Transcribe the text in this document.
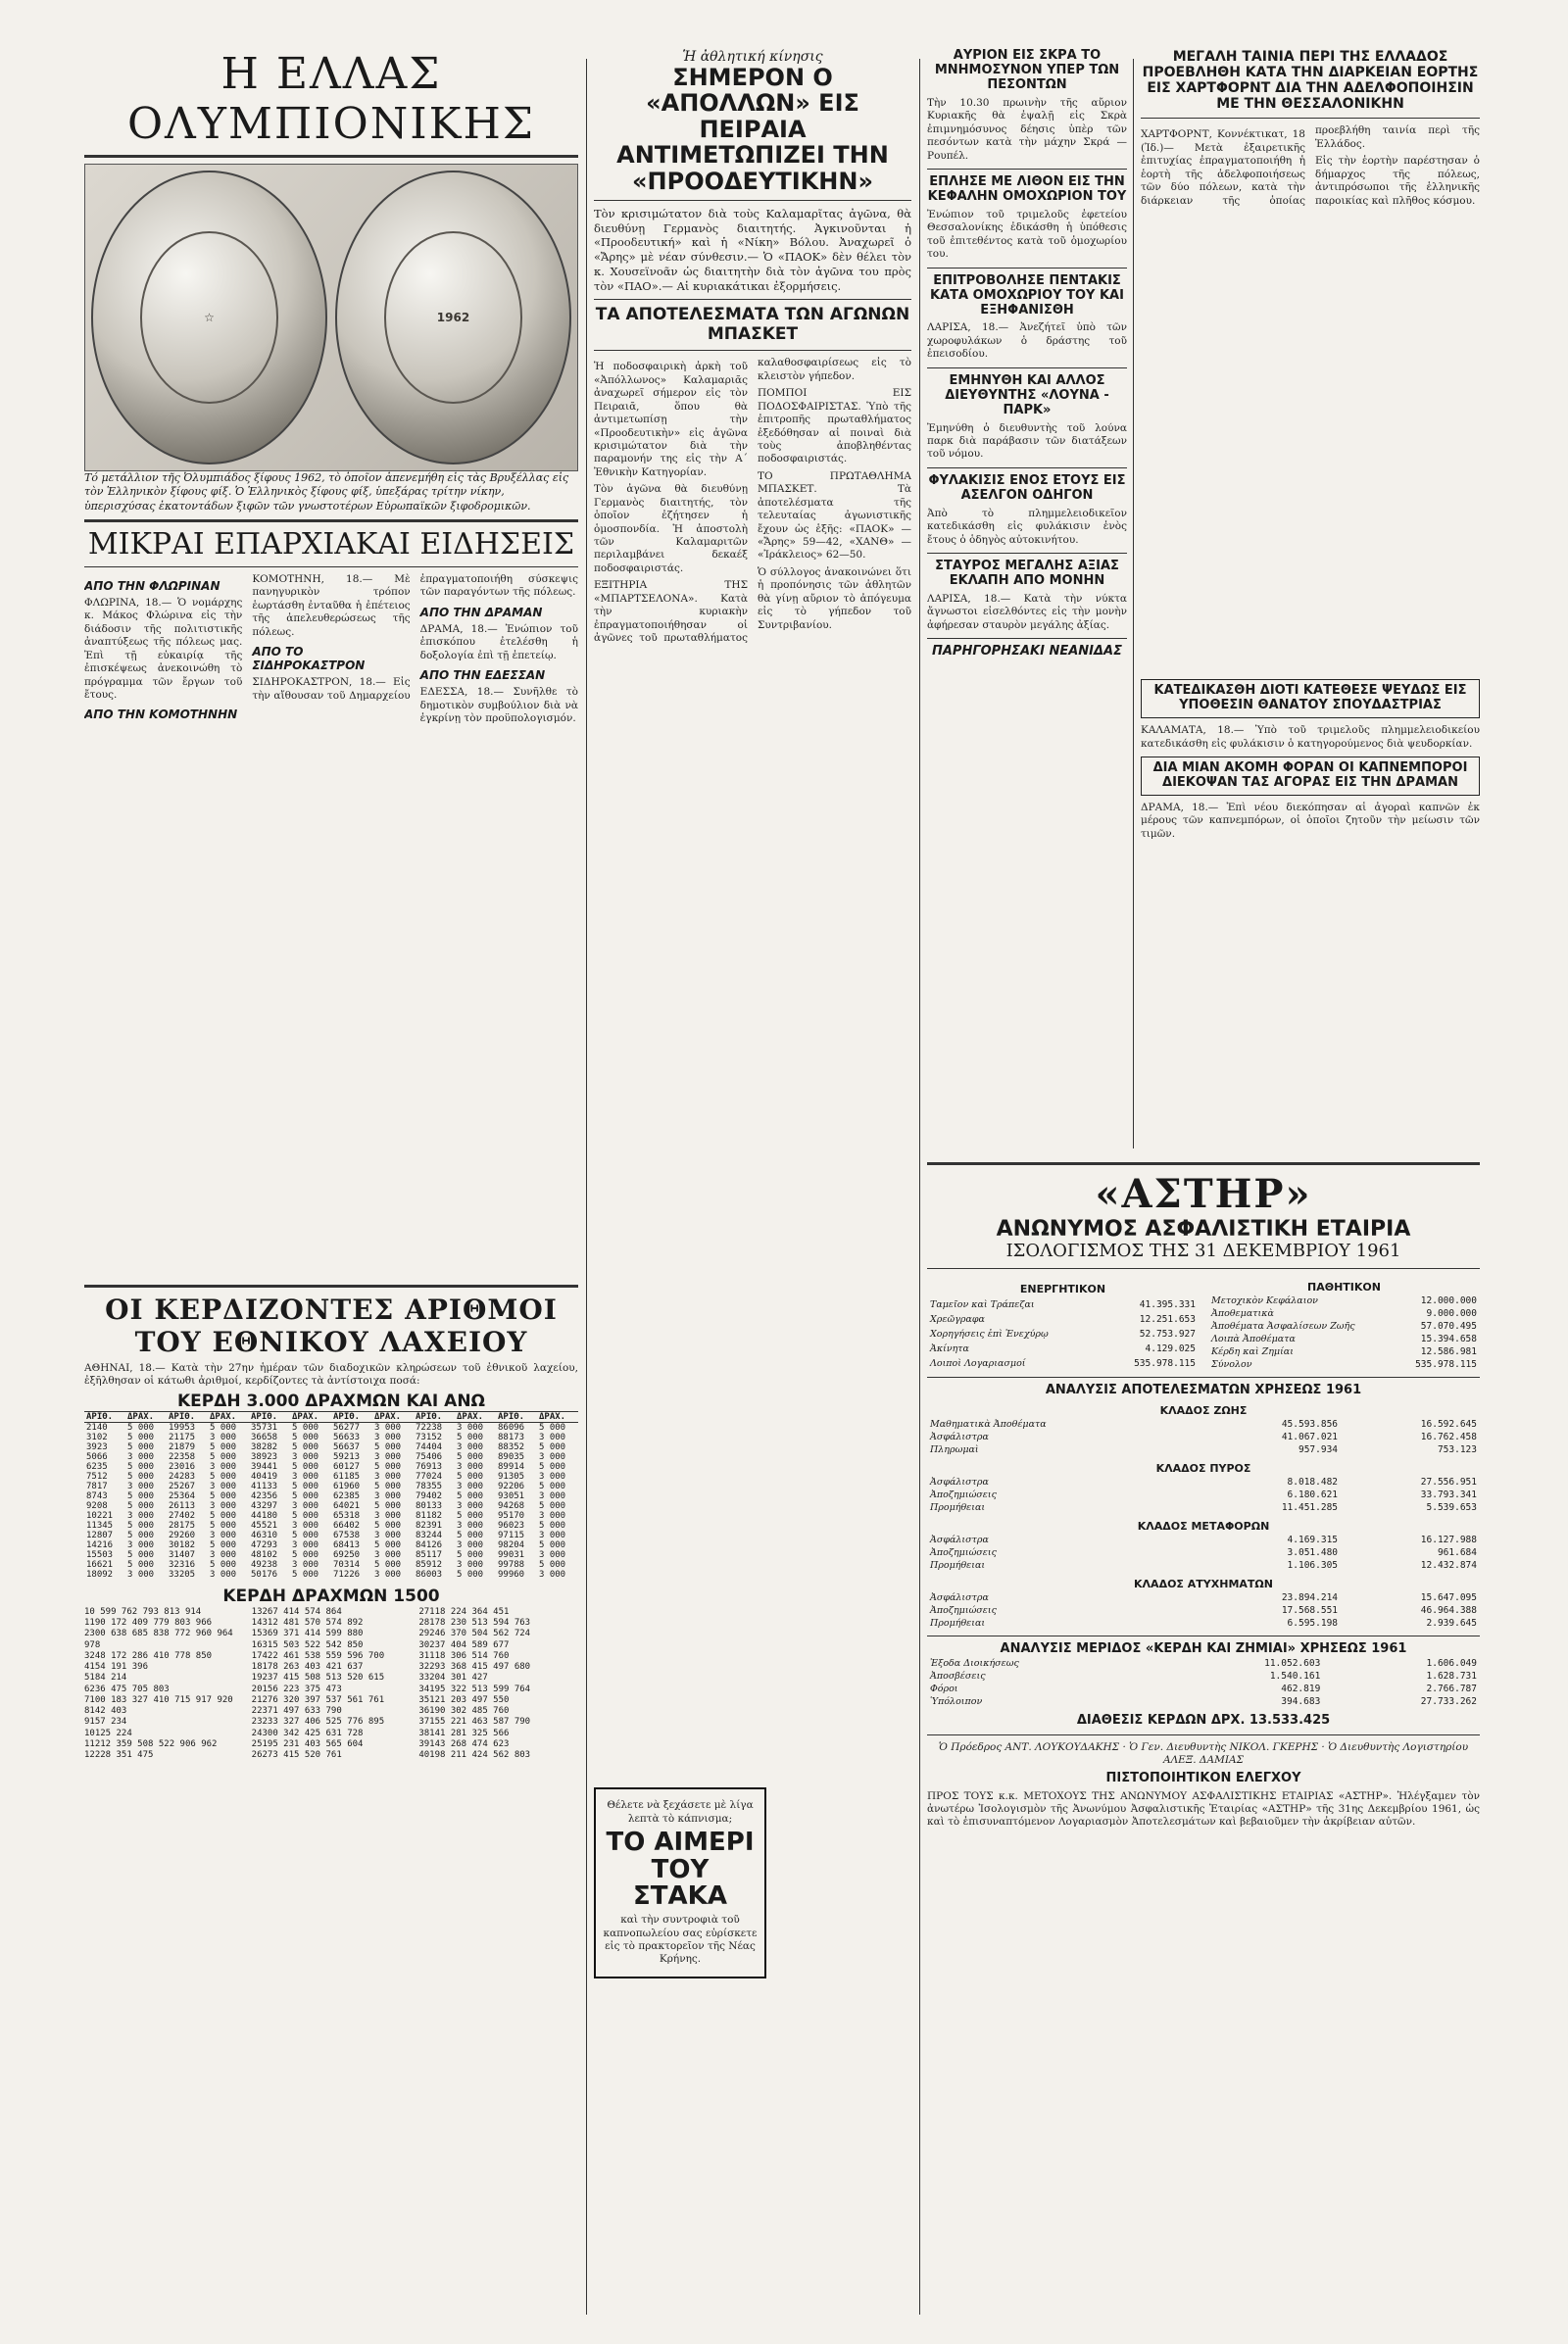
Η ΕΛΛΑΣ ΟΛΥΜΠΙΟΝΙΚΗΣ
☆	1962
Τό μετάλλιον τῆς Ὀλυμπιάδος ξίφους 1962, τὸ ὁποῖον ἀπενεμήθη εἰς τὰς Βρυξέλλας εἰς τὸν Ἑλληνικὸν ξίφους φίξ. Ὁ Ἑλληνικὸς ξίφους φίξ, ὑπεξάρας τρίτην νίκην, ὑπερισχύσας ἑκατοντάδων ξιφῶν τῶν γνωστοτέρων Εὐρωπαϊκῶν ξιφοδρομικῶν.
ΜΙΚΡΑΙ ΕΠΑΡΧΙΑΚΑΙ ΕΙΔΗΣΕΙΣ
ΑΠΟ ΤΗΝ ΦΛΩΡΙΝΑΝ

ΦΛΩΡΙΝΑ, 18.— Ὁ νομάρχης κ. Μάκος Φλώρινα εἰς τὴν διάδοσιν τῆς πολιτιστικῆς ἀναπτύξεως τῆς πόλεως μας. Ἐπὶ τῇ εὐκαιρίᾳ τῆς ἐπισκέψεως ἀνεκοινώθη τὸ πρόγραμμα τῶν ἔργων τοῦ ἔτους.

ΑΠΟ ΤΗΝ ΚΟΜΟΤΗΝΗΝ

ΚΟΜΟΤΗΝΗ, 18.— Μὲ πανηγυρικὸν τρόπον ἑωρτάσθη ἐνταῦθα ἡ ἐπέτειος τῆς ἀπελευθερώσεως τῆς πόλεως.

ΑΠΟ ΤΟ ΣΙΔΗΡΟΚΑΣΤΡΟΝ

ΣΙΔΗΡΟΚΑΣΤΡΟΝ, 18.— Εἰς τὴν αἴθουσαν τοῦ Δημαρχείου ἐπραγματοποιήθη σύσκεψις τῶν παραγόντων τῆς πόλεως.

ΑΠΟ ΤΗΝ ΔΡΑΜΑΝ

ΔΡΑΜΑ, 18.— Ἐνώπιον τοῦ ἐπισκόπου ἐτελέσθη ἡ δοξολογία ἐπὶ τῇ ἐπετείῳ.

ΑΠΟ ΤΗΝ ΕΔΕΣΣΑΝ

ΕΔΕΣΣΑ, 18.— Συνῆλθε τὸ δημοτικὸν συμβούλιον διὰ νὰ ἐγκρίνῃ τὸν προϋπολογισμόν.

ΟΙ ΚΕΡΔΙΖΟΝΤΕΣ ΑΡΙΘΜΟΙ ΤΟΥ ΕΘΝΙΚΟΥ ΛΑΧΕΙΟΥ

ΑΘΗΝΑΙ, 18.— Κατὰ τὴν 27ην ἡμέραν τῶν διαδοχικῶν κληρώσεων τοῦ ἐθνικοῦ λαχείου, ἐξῆλθησαν οἱ κάτωθι ἀριθμοί, κερδίζοντες τὰ ἀντίστοιχα ποσά:

ΚΕΡΔΗ 3.000 ΔΡΑΧΜΩΝ ΚΑΙ ΑΝΩ
ΑΡΙΘ.	ΔΡΑΧ.	ΑΡΙΘ.	ΔΡΑΧ.	ΑΡΙΘ.	ΔΡΑΧ.	ΑΡΙΘ.	ΔΡΑΧ.	ΑΡΙΘ.	ΔΡΑΧ.	ΑΡΙΘ.	ΔΡΑΧ.
2140	5 000	19953	5 000	35731	5 000	56277	3 000	72238	3 000	86096	5 000
3102	5 000	21175	3 000	36658	5 000	56633	3 000	73152	5 000	88173	3 000
3923	5 000	21879	5 000	38282	5 000	56637	5 000	74404	3 000	88352	5 000
5066	3 000	22358	5 000	38923	3 000	59213	3 000	75406	5 000	89035	3 000
6235	5 000	23016	3 000	39441	5 000	60127	5 000	76913	3 000	89914	5 000
7512	5 000	24283	5 000	40419	3 000	61185	3 000	77024	5 000	91305	3 000
7817	3 000	25267	3 000	41133	5 000	61960	5 000	78355	3 000	92206	5 000
8743	5 000	25364	5 000	42356	5 000	62385	3 000	79402	5 000	93051	3 000
9208	5 000	26113	3 000	43297	3 000	64021	5 000	80133	3 000	94268	5 000
10221	3 000	27402	5 000	44180	5 000	65318	3 000	81182	5 000	95170	3 000
11345	5 000	28175	5 000	45521	3 000	66402	5 000	82391	3 000	96023	5 000
12807	5 000	29260	3 000	46310	5 000	67538	3 000	83244	5 000	97115	3 000
14216	3 000	30182	5 000	47293	3 000	68413	5 000	84126	3 000	98204	5 000
15503	5 000	31407	3 000	48102	5 000	69250	3 000	85117	5 000	99031	3 000
16621	5 000	32316	5 000	49238	3 000	70314	5 000	85912	3 000	99788	5 000
18092	3 000	33205	3 000	50176	5 000	71226	3 000	86003	5 000	99960	3 000
ΚΕΡΔΗ ΔΡΑΧΜΩΝ 1500
10 599 762 793 813 914
1190 172 409 779 803 966
2300 638 685 838 772 960 964 978
3248 172 286 410 778 850
4154 191 396
5184 214
6236 475 705 803
7100 183 327 410 715 917 920
8142 403
9157 234
10125 224
11212 359 508 522 906 962
12228 351 475
13267 414 574 864
14312 481 570 574 892
15369 371 414 599 880
16315 503 522 542 850
17422 461 538 559 596 700
18178 263 403 421 637
19237 415 508 513 520 615
20156 223 375 473
21276 320 397 537 561 761
22371 497 633 790
23233 327 406 525 776 895
24300 342 425 631 728
25195 231 403 565 604
26273 415 520 761
27118 224 364 451
28178 230 513 594 763
29246 370 504 562 724
30237 404 589 677
31118 306 514 760
32293 368 415 497 680
33204 301 427
34195 322 513 599 764
35121 203 497 550
36190 302 485 760
37155 221 463 587 790
38141 281 325 566
39143 268 474 623
40198 211 424 562 803
Ἡ ἀθλητική κίνησις
ΣΗΜΕΡΟΝ Ο «ΑΠΟΛΛΩΝ» ΕΙΣ ΠΕΙΡΑΙΑ ΑΝΤΙΜΕΤΩΠΙΖΕΙ ΤΗΝ «ΠΡΟΟΔΕΥΤΙΚΗΝ»

Τὸν κρισιμώτατον διὰ τοὺς Καλαμαρῖτας ἀγῶνα, θὰ διευθύνῃ Γερμανὸς διαιτητής. Ἀγκινοῦνται ἡ «Προοδευτική» καὶ ἡ «Νίκη» Βόλου. Ἀναχωρεῖ ὁ «Ἄρης» μὲ νέαν σύνθεσιν.— Ὁ «ΠΑΟΚ» δὲν θέλει τὸν κ. Χουσεϊνοᾶν ὡς διαιτητὴν διὰ τὸν ἀγῶνα του πρὸς τὸν «ΠΑΟ».— Αἱ κυριακάτικαι ἐξορμήσεις.

ΤΑ ΑΠΟΤΕΛΕΣΜΑΤΑ ΤΩΝ ΑΓΩΝΩΝ ΜΠΑΣΚΕΤ

Ἡ ποδοσφαιρικὴ ἀρκὴ τοῦ «Ἀπόλλωνος» Καλαμαριᾶς ἀναχωρεῖ σήμερον εἰς τὸν Πειραιᾶ, ὅπου θὰ ἀντιμετωπίσῃ τὴν «Προοδευτικὴν» εἰς ἀγῶνα κρισιμώτατον διὰ τὴν παραμονήν της εἰς τὴν Α΄ Ἐθνικὴν Κατηγορίαν.

Τὸν ἀγῶνα θὰ διευθύνῃ Γερμανὸς διαιτητής, τὸν ὁποῖον ἐζήτησεν ἡ ὁμοσπονδία. Ἡ ἀποστολὴ τῶν Καλαμαριτῶν περιλαμβάνει δεκαέξ ποδοσφαιριστάς.

ΕΞΙΤΗΡΙΑ ΤΗΣ «ΜΠΑΡΤΣΕΛΟΝΑ». Κατὰ τὴν κυριακὴν ἐπραγματοποιήθησαν οἱ ἀγῶνες τοῦ πρωταθλήματος καλαθοσφαιρίσεως εἰς τὸ κλειστὸν γήπεδον.

ΠΟΜΠΟΙ ΕΙΣ ΠΟΔΟΣΦΑΙΡΙΣΤΑΣ. Ὑπὸ τῆς ἐπιτροπῆς πρωταθλήματος ἐξεδόθησαν αἱ ποιναὶ διὰ τοὺς ἀποβληθέντας ποδοσφαιριστάς.

ΤΟ ΠΡΩΤΑΘΛΗΜΑ ΜΠΑΣΚΕΤ. Τὰ ἀποτελέσματα τῆς τελευταίας ἀγωνιστικῆς ἔχουν ὡς ἑξῆς: «ΠΑΟΚ» — «Ἄρης» 59—42, «ΧΑΝΘ» — «Ἰράκλειος» 62—50.

Ὁ σύλλογος ἀνακοινώνει ὅτι ἡ προπόνησις τῶν ἀθλητῶν θὰ γίνῃ αὔριον τὸ ἀπόγευμα εἰς τὸ γήπεδον τοῦ Συντριβανίου.

Θέλετε νὰ ξεχάσετε μὲ λίγα λεπτὰ τὸ κάπνισμα;
ΤΟ ΑΙΜΕΡΙ ΤΟΥ ΣΤΑΚΑ
καὶ τὴν συντροφιὰ τοῦ καπνοπωλείου σας εὐρίσκετε εἰς τὸ πρακτορεῖον τῆς Νέας Κρήνης.
ΑΥΡΙΟΝ ΕΙΣ ΣΚΡΑ ΤΟ ΜΝΗΜΟΣΥΝΟΝ ΥΠΕΡ ΤΩΝ ΠΕΣΟΝΤΩΝ

Τὴν 10.30 πρωινὴν τῆς αὔριον Κυριακῆς θὰ ἐψαλῇ εἰς Σκρὰ ἐπιμνημόσυνος δέησις ὑπὲρ τῶν πεσόντων κατὰ τὴν μάχην Σκρά — Ρουπέλ.

ΕΠΛΗΣΕ ΜΕ ΛΙΘΟΝ ΕΙΣ ΤΗΝ ΚΕΦΑΛΗΝ ΟΜΟΧΩΡΙΟΝ ΤΟΥ

Ἐνώπιον τοῦ τριμελοῦς ἐφετείου Θεσσαλονίκης ἐδικάσθη ἡ ὑπόθεσις τοῦ ἐπιτεθέντος κατὰ τοῦ ὁμοχωρίου του.

ΕΠΙΤΡΟΒΟΛΗΣΕ ΠΕΝΤΑΚΙΣ ΚΑΤΑ ΟΜΟΧΩΡΙΟΥ ΤΟΥ ΚΑΙ ΕΞΗΦΑΝΙΣΘΗ

ΛΑΡΙΣΑ, 18.— Ἀνεζήτεῖ ὑπὸ τῶν χωροφυλάκων ὁ δράστης τοῦ ἐπεισοδίου.

ΕΜΗΝΥΘΗ ΚΑΙ ΑΛΛΟΣ ΔΙΕΥΘΥΝΤΗΣ «ΛΟΥΝΑ - ΠΑΡΚ»

Ἐμηνύθη ὁ διευθυντὴς τοῦ λούνα παρκ διὰ παράβασιν τῶν διατάξεων τοῦ νόμου.

ΦΥΛΑΚΙΣΙΣ ΕΝΟΣ ΕΤΟΥΣ ΕΙΣ ΑΣΕΛΓΟΝ ΟΔΗΓΟΝ

Ἀπὸ τὸ πλημμελειοδικεῖον κατεδικάσθη εἰς φυλάκισιν ἑνὸς ἔτους ὁ ὁδηγὸς αὐτοκινήτου.

ΣΤΑΥΡΟΣ ΜΕΓΑΛΗΣ ΑΞΙΑΣ ΕΚΛΑΠΗ ΑΠΟ ΜΟΝΗΝ

ΛΑΡΙΣΑ, 18.— Κατὰ τὴν νύκτα ἄγνωστοι εἰσελθόντες εἰς τὴν μονὴν ἀφήρεσαν σταυρὸν μεγάλης ἀξίας.

ΠΑΡΗΓΟΡΗΣΑΚΙ ΝΕΑΝΙΔΑΣ
ΜΕΓΑΛΗ ΤΑΙΝΙΑ ΠΕΡΙ ΤΗΣ ΕΛΛΑΔΟΣ ΠΡΟΕΒΛΗΘΗ ΚΑΤΑ ΤΗΝ ΔΙΑΡΚΕΙΑΝ ΕΟΡΤΗΣ ΕΙΣ ΧΑΡΤΦΟΡΝΤ ΔΙΑ ΤΗΝ ΑΔΕΛΦΟΠΟΙΗΣΙΝ ΜΕ ΤΗΝ ΘΕΣΣΑΛΟΝΙΚΗΝ

ΧΑΡΤΦΟΡΝΤ, Κοννέκτικατ, 18 (Ἰδ.)— Μετὰ ἐξαιρετικῆς ἐπιτυχίας ἐπραγματοποιήθη ἡ ἑορτὴ τῆς ἀδελφοποιήσεως τῶν δύο πόλεων, κατὰ τὴν διάρκειαν τῆς ὁποίας προεβλήθη ταινία περὶ τῆς Ἑλλάδος.

Εἰς τὴν ἑορτὴν παρέστησαν ὁ δήμαρχος τῆς πόλεως, ἀντιπρόσωποι τῆς ἑλληνικῆς παροικίας καὶ πλῆθος κόσμου.

ΚΑΤΕΔΙΚΑΣΘΗ ΔΙΟΤΙ ΚΑΤΕΘΕΣΕ ΨΕΥΔΩΣ ΕΙΣ ΥΠΟΘΕΣΙΝ ΘΑΝΑΤΟΥ ΣΠΟΥΔΑΣΤΡΙΑΣ

ΚΑΛΑΜΑΤΑ, 18.— Ὑπὸ τοῦ τριμελοῦς πλημμελειοδικείου κατεδικάσθη εἰς φυλάκισιν ὁ κατηγορούμενος διὰ ψευδορκίαν.

ΔΙΑ ΜΙΑΝ ΑΚΟΜΗ ΦΟΡΑΝ ΟΙ ΚΑΠΝΕΜΠΟΡΟΙ ΔΙΕΚΟΨΑΝ ΤΑΣ ΑΓΟΡΑΣ ΕΙΣ ΤΗΝ ΔΡΑΜΑΝ

ΔΡΑΜΑ, 18.— Ἐπὶ νέου διεκόπησαν αἱ ἀγοραὶ καπνῶν ἐκ μέρους τῶν καπνεμπόρων, οἱ ὁποῖοι ζητοῦν τὴν μείωσιν τῶν τιμῶν.

«ΑΣΤΗΡ»
ΑΝΩΝΥΜΟΣ ΑΣΦΑΛΙΣΤΙΚΗ ΕΤΑΙΡΙΑ
ΙΣΟΛΟΓΙΣΜΟΣ ΤΗΣ 31 ΔΕΚΕΜΒΡΙΟΥ 1961
ΕΝΕΡΓΗΤΙΚΟΝ	
Ταμεῖον καὶ Τράπεζαι	41.395.331
Χρεῶγραφα	12.251.653
Χορηγήσεις ἐπὶ Ἐνεχύρῳ	52.753.927
Ἀκίνητα	4.129.025
Λοιποὶ Λογαριασμοί	535.978.115
ΠΑΘΗΤΙΚΟΝ	
Μετοχικὸν Κεφάλαιον	12.000.000
Ἀποθεματικὰ	9.000.000
Ἀποθέματα Ἀσφαλίσεων Ζωῆς	57.070.495
Λοιπὰ Ἀποθέματα	15.394.658
Κέρδη καὶ Ζημίαι	12.586.981
Σύνολον	535.978.115
ΑΝΑΛΥΣΙΣ ΑΠΟΤΕΛΕΣΜΑΤΩΝ ΧΡΗΣΕΩΣ 1961
ΚΛΑΔΟΣ ΖΩΗΣ		
Μαθηματικὰ Ἀποθέματα	45.593.856	16.592.645
Ἀσφάλιστρα	41.067.021	16.762.458
Πληρωμαὶ	957.934	753.123
ΚΛΑΔΟΣ ΠΥΡΟΣ		
Ἀσφάλιστρα	8.018.482	27.556.951
Ἀποζημιώσεις	6.180.621	33.793.341
Προμήθειαι	11.451.285	5.539.653
ΚΛΑΔΟΣ ΜΕΤΑΦΟΡΩΝ		
Ἀσφάλιστρα	4.169.315	16.127.988
Ἀποζημιώσεις	3.051.480	961.684
Προμήθειαι	1.106.305	12.432.874
ΚΛΑΔΟΣ ΑΤΥΧΗΜΑΤΩΝ		
Ἀσφάλιστρα	23.894.214	15.647.095
Ἀποζημιώσεις	17.568.551	46.964.388
Προμήθειαι	6.595.198	2.939.645
ΑΝΑΛΥΣΙΣ ΜΕΡΙΔΟΣ «ΚΕΡΔΗ ΚΑΙ ΖΗΜΙΑΙ» ΧΡΗΣΕΩΣ 1961
Ἐξοδα Διοικήσεως	11.052.603	1.606.049
Ἀποσβέσεις	1.540.161	1.628.731
Φόροι	462.819	2.766.787
Ὑπόλοιπον	394.683	27.733.262
ΔΙΑΘΕΣΙΣ ΚΕΡΔΩΝ ΔΡΧ. 13.533.425

Ὁ Πρόεδρος ΑΝΤ. ΛΟΥΚΟΥΔΑΚΗΣ · Ὁ Γεν. Διευθυντὴς ΝΙΚΟΛ. ΓΚΕΡΗΣ · Ὁ Διευθυντὴς Λογιστηρίου ΑΛΕΞ. ΔΑΜΙΑΣ

ΠΙΣΤΟΠΟΙΗΤΙΚΟΝ ΕΛΕΓΧΟΥ

ΠΡΟΣ ΤΟΥΣ κ.κ. ΜΕΤΟΧΟΥΣ ΤΗΣ ΑΝΩΝΥΜΟΥ ΑΣΦΑΛΙΣΤΙΚΗΣ ΕΤΑΙΡΙΑΣ «ΑΣΤΗΡ». Ἠλέγξαμεν τὸν ἀνωτέρω Ἰσολογισμὸν τῆς Ἀνωνύμου Ἀσφαλιστικῆς Ἑταιρίας «ΑΣΤΗΡ» τῆς 31ης Δεκεμβρίου 1961, ὡς καὶ τὸ ἐπισυναπτόμενον Λογαριασμὸν Ἀποτελεσμάτων καὶ βεβαιοῦμεν τὴν ἀκρίβειαν αὐτῶν.
